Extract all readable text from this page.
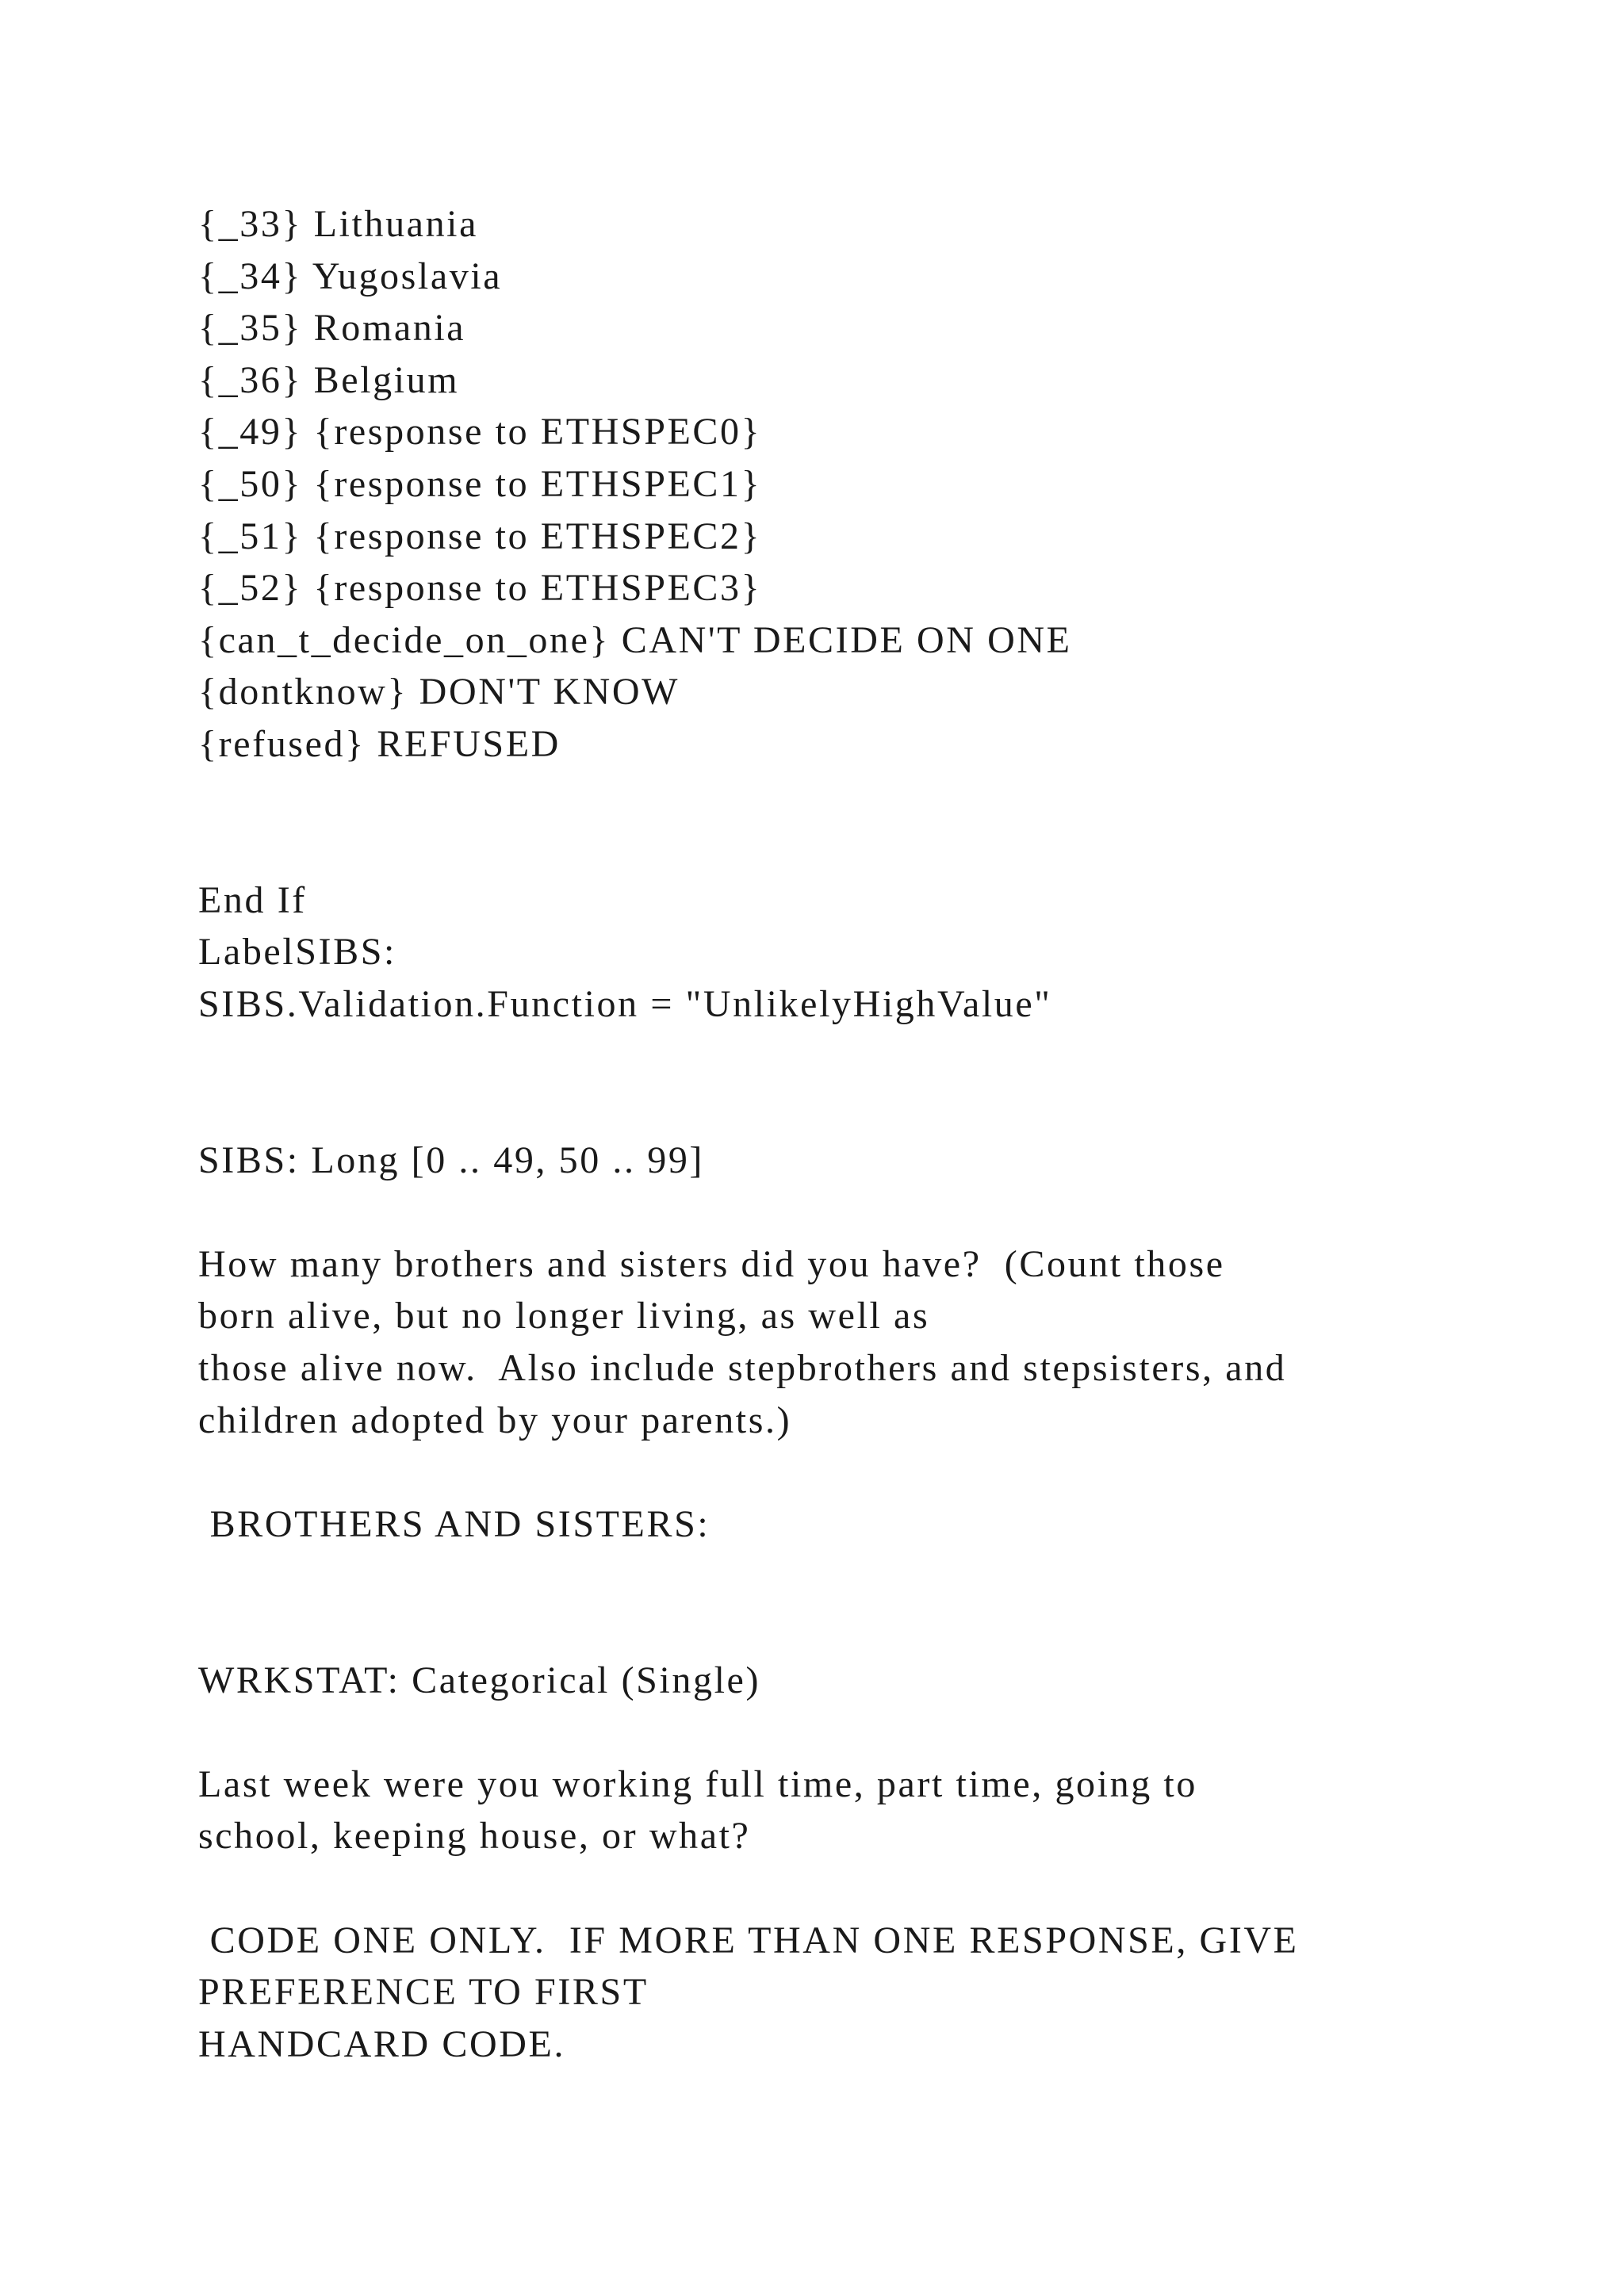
{_33} Lithuania
{_34} Yugoslavia
{_35} Romania
{_36} Belgium
{_49} {response to ETHSPEC0}
{_50} {response to ETHSPEC1}
{_51} {response to ETHSPEC2}
{_52} {response to ETHSPEC3}
{can_t_decide_on_one} CAN'T DECIDE ON ONE
{dontknow} DON'T KNOW
{refused} REFUSED
End If
LabelSIBS:
SIBS.Validation.Function = "UnlikelyHighValue"
SIBS: Long [0 .. 49, 50 .. 99]
How many brothers and sisters did you have?  (Count those
born alive, but no longer living, as well as
those alive now.  Also include stepbrothers and stepsisters, and
children adopted by your parents.)
BROTHERS AND SISTERS:
WRKSTAT: Categorical (Single)
Last week were you working full time, part time, going to
school, keeping house, or what?
CODE ONE ONLY.  IF MORE THAN ONE RESPONSE, GIVE
PREFERENCE TO FIRST
HANDCARD CODE.
